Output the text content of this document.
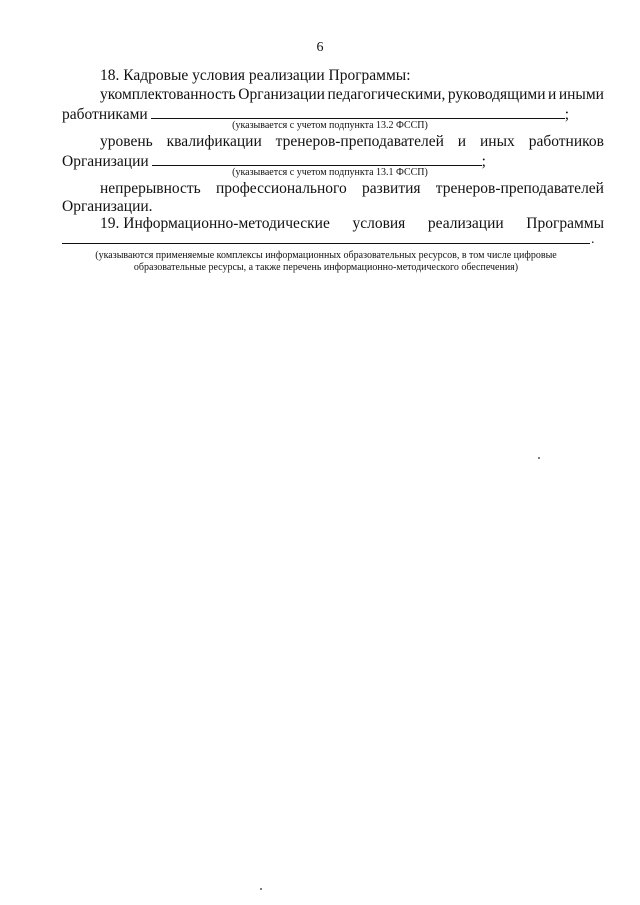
6
18. Кадровые условия реализации Программы:
укомплектованность Организации педагогическими, руководящими и иными
работниками	;
(указывается с учетом подпункта 13.2 ФССП)
уровень квалификации тренеров-преподавателей и иных работников
Организации	;
(указывается с учетом подпункта 13.1 ФССП)
непрерывность профессионального развития тренеров-преподавателей
Организации.
19. Информационно-методические условия реализации Программы
.
(указываются применяемые комплексы информационных образовательных ресурсов, в том числе цифровые
образовательные ресурсы, а также перечень информационно-методического обеспечения)
